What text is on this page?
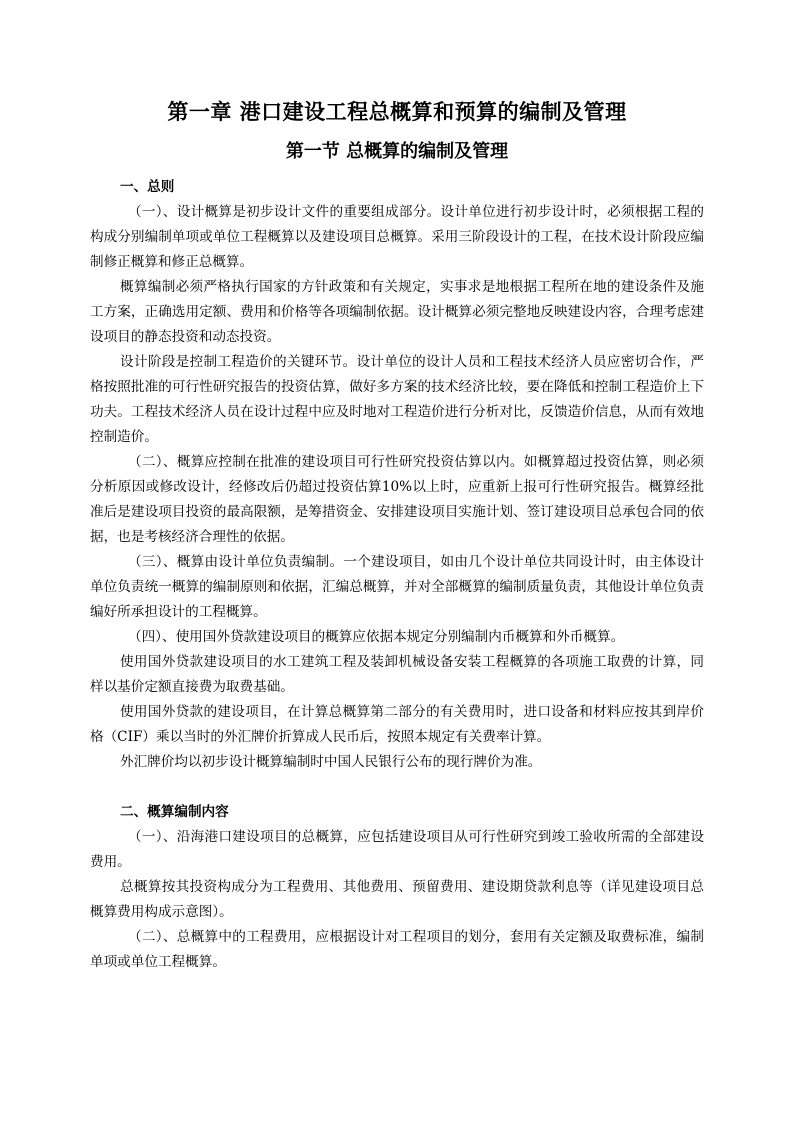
第一章 港口建设工程总概算和预算的编制及管理
第一节 总概算的编制及管理

一、总则

（一）、设计概算是初步设计文件的重要组成部分。设计单位进行初步设计时，必须根据工程的构成分别编制单项或单位工程概算以及建设项目总概算。采用三阶段设计的工程，在技术设计阶段应编制修正概算和修正总概算。

概算编制必须严格执行国家的方针政策和有关规定，实事求是地根据工程所在地的建设条件及施工方案，正确选用定额、费用和价格等各项编制依据。设计概算必须完整地反映建设内容，合理考虑建设项目的静态投资和动态投资。

设计阶段是控制工程造价的关键环节。设计单位的设计人员和工程技术经济人员应密切合作，严格按照批准的可行性研究报告的投资估算，做好多方案的技术经济比较，要在降低和控制工程造价上下功夫。工程技术经济人员在设计过程中应及时地对工程造价进行分析对比，反馈造价信息，从而有效地控制造价。

（二）、概算应控制在批准的建设项目可行性研究投资估算以内。如概算超过投资估算，则必须分析原因或修改设计，经修改后仍超过投资估算10%以上时，应重新上报可行性研究报告。概算经批准后是建设项目投资的最高限额，是筹措资金、安排建设项目实施计划、签订建设项目总承包合同的依据，也是考核经济合理性的依据。

（三）、概算由设计单位负责编制。一个建设项目，如由几个设计单位共同设计时，由主体设计单位负责统一概算的编制原则和依据，汇编总概算，并对全部概算的编制质量负责，其他设计单位负责编好所承担设计的工程概算。

（四）、使用国外贷款建设项目的概算应依据本规定分别编制内币概算和外币概算。

使用国外贷款建设项目的水工建筑工程及装卸机械设备安装工程概算的各项施工取费的计算，同样以基价定额直接费为取费基础。

使用国外贷款的建设项目，在计算总概算第二部分的有关费用时，进口设备和材料应按其到岸价格（CIF）乘以当时的外汇牌价折算成人民币后，按照本规定有关费率计算。

外汇牌价均以初步设计概算编制时中国人民银行公布的现行牌价为准。

二、概算编制内容

（一）、沿海港口建设项目的总概算，应包括建设项目从可行性研究到竣工验收所需的全部建设费用。

总概算按其投资构成分为工程费用、其他费用、预留费用、建设期贷款利息等（详见建设项目总概算费用构成示意图）。

（二）、总概算中的工程费用，应根据设计对工程项目的划分，套用有关定额及取费标准，编制单项或单位工程概算。
